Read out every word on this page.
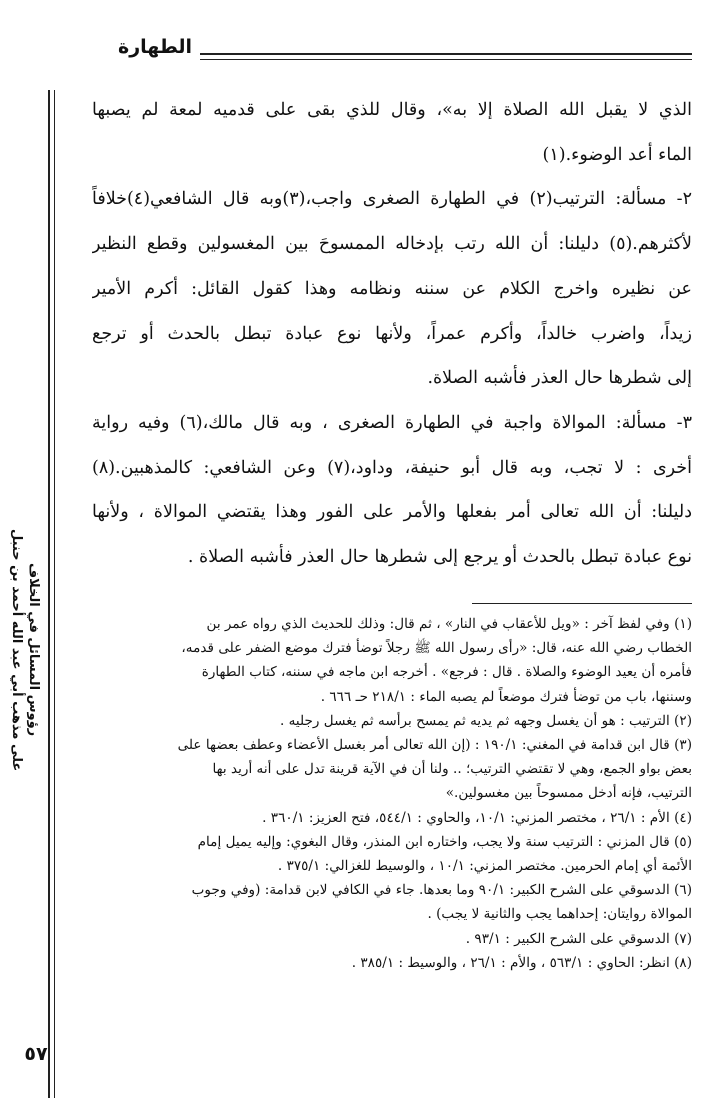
الطهارة
رؤوس المسائل في الخلاف
على مذهب أبي عبد الله أحمد بن حنبل
الذي لا يقبل الله الصلاة إلا به»، وقال للذي بقى على قدميه لمعة لم يصبها
الماء أعد الوضوء.(١)
٢- مسألة: الترتيب(٢) في الطهارة الصغرى واجب،(٣)وبه قال الشافعي(٤)خلافاً
لأكثرهم.(٥) دليلنا: أن الله رتب بإدخاله الممسوحَ بين المغسولين وقطع النظير
عن نظيره واخرج الكلام عن سننه ونظامه وهذا كقول القائل: أكرم الأمير
زيداً، واضرب خالداً، وأكرم عمراً، ولأنها نوع عبادة تبطل بالحدث أو ترجع
إلى شطرها حال العذر فأشبه الصلاة.
٣- مسألة: الموالاة واجبة في الطهارة الصغرى ، وبه قال مالك،(٦) وفيه رواية
أخرى : لا تجب، وبه قال أبو حنيفة، وداود،(٧) وعن الشافعي: كالمذهبين.(٨)
دليلنا: أن الله تعالى أمر بفعلها والأمر على الفور وهذا يقتضي الموالاة ، ولأنها
نوع عبادة تبطل بالحدث أو يرجع إلى شطرها حال العذر فأشبه الصلاة .
(١) وفي لفظ آخر : «ويل للأعقاب في النار» ، ثم قال: وذلك للحديث الذي رواه عمر بن
الخطاب رضي الله عنه، قال: «رأى رسول الله ﷺ رجلاً توضأ فترك موضع الضفر على قدمه،
فأمره أن يعيد الوضوء والصلاة . قال : فرجع» . أخرجه ابن ماجه في سننه، كتاب الطهارة
وسننها، باب من توضأ فترك موضعاً لم يصبه الماء : ٢١٨/١ حـ ٦٦٦ .
(٢) الترتيب : هو أن يغسل وجهه ثم يديه ثم يمسح برأسه ثم يغسل رجليه .
(٣) قال ابن قدامة في المغني: ١٩٠/١ : (إن الله تعالى أمر بغسل الأعضاء وعطف بعضها على
بعض بواو الجمع، وهي لا تقتضي الترتيب؛ .. ولنا أن في الآية قرينة تدل على أنه أريد بها
الترتيب، فإنه أدخل ممسوحاً بين مغسولين.»
(٤) الأم : ٢٦/١ ، مختصر المزني: ١٠/١، والحاوي : ٥٤٤/١، فتح العزيز: ٣٦٠/١ .
(٥) قال المزني : الترتيب سنة ولا يجب، واختاره ابن المنذر، وقال البغوي: وإليه يميل إمام
الأئمة أي إمام الحرمين. مختصر المزني: ١٠/١ ، والوسيط للغزالي: ٣٧٥/١ .
(٦) الدسوقي على الشرح الكبير: ٩٠/١ وما بعدها. جاء في الكافي لابن قدامة: (وفي وجوب
الموالاة روايتان: إحداهما يجب والثانية لا يجب) .
(٧) الدسوقي على الشرح الكبير : ٩٣/١ .
(٨) انظر: الحاوي : ٥٦٣/١ ، والأم : ٢٦/١ ، والوسيط : ٣٨٥/١ .
٥٧
